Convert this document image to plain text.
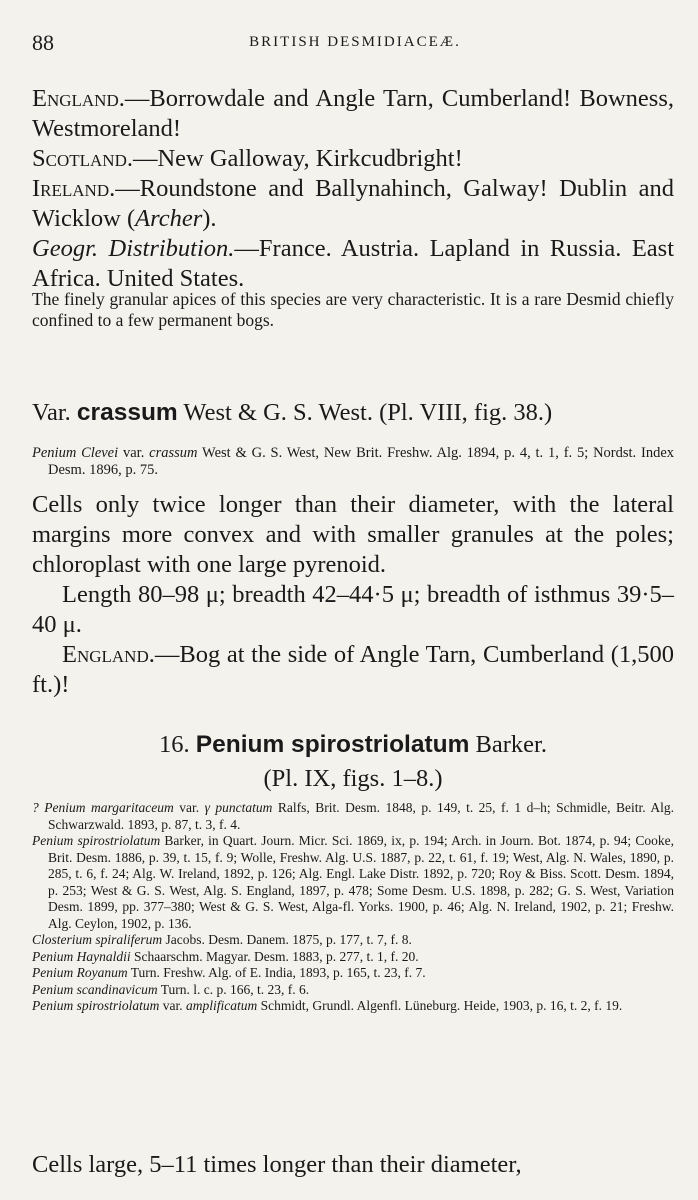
88	BRITISH DESMIDIACEÆ.
England.—Borrowdale and Angle Tarn, Cumberland! Bowness, Westmoreland!
Scotland.—New Galloway, Kirkcudbright!
Ireland.—Roundstone and Ballynahinch, Galway! Dublin and Wicklow (Archer).
Geogr. Distribution.—France. Austria. Lapland in Russia. East Africa. United States.
The finely granular apices of this species are very characteristic. It is a rare Desmid chiefly confined to a few permanent bogs.
Var. crassum West & G. S. West. (Pl. VIII, fig. 38.)
Penium Clevei var. crassum West & G. S. West, New Brit. Freshw. Alg. 1894, p. 4, t. 1, f. 5; Nordst. Index Desm. 1896, p. 75.
Cells only twice longer than their diameter, with the lateral margins more convex and with smaller granules at the poles; chloroplast with one large pyrenoid.
Length 80–98 μ; breadth 42–44·5 μ; breadth of isthmus 39·5–40 μ.
England.—Bog at the side of Angle Tarn, Cumberland (1,500 ft.)!
16. Penium spirostriolatum Barker.
(Pl. IX, figs. 1–8.)
? Penium margaritaceum var. γ punctatum Ralfs, Brit. Desm. 1848, p. 149, t. 25, f. 1 d–h; Schmidle, Beitr. Alg. Schwarzwald. 1893, p. 87, t. 3, f. 4.
Penium spirostriolatum Barker, in Quart. Journ. Micr. Sci. 1869, ix, p. 194; Arch. in Journ. Bot. 1874, p. 94; Cooke, Brit. Desm. 1886, p. 39, t. 15, f. 9; Wolle, Freshw. Alg. U.S. 1887, p. 22, t. 61, f. 19; West, Alg. N. Wales, 1890, p. 285, t. 6, f. 24; Alg. W. Ireland, 1892, p. 126; Alg. Engl. Lake Distr. 1892, p. 720; Roy & Biss. Scott. Desm. 1894, p. 253; West & G. S. West, Alg. S. England, 1897, p. 478; Some Desm. U.S. 1898, p. 282; G. S. West, Variation Desm. 1899, pp. 377–380; West & G. S. West, Alga-fl. Yorks. 1900, p. 46; Alg. N. Ireland, 1902, p. 21; Freshw. Alg. Ceylon, 1902, p. 136.
Closterium spiraliferum Jacobs. Desm. Danem. 1875, p. 177, t. 7, f. 8.
Penium Haynaldii Schaarschm. Magyar. Desm. 1883, p. 277, t. 1, f. 20.
Penium Royanum Turn. Freshw. Alg. of E. India, 1893, p. 165, t. 23, f. 7.
Penium scandinavicum Turn. l. c. p. 166, t. 23, f. 6.
Penium spirostriolatum var. amplificatum Schmidt, Grundl. Algenfl. Lüneburg. Heide, 1903, p. 16, t. 2, f. 19.
Cells large, 5–11 times longer than their diameter,
